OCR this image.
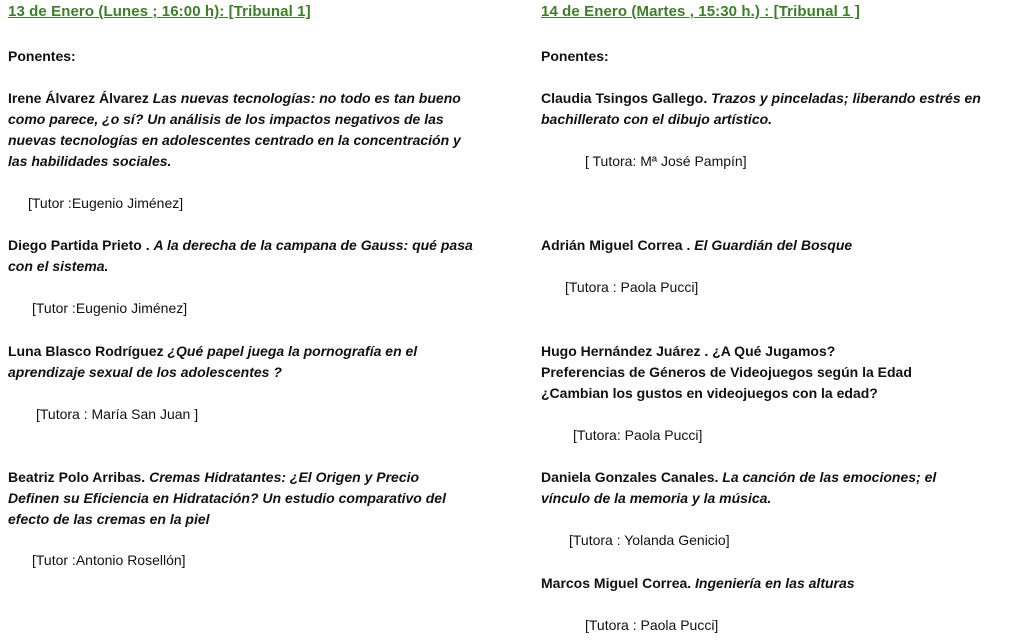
13 de Enero (Lunes ; 16:00 h): [Tribunal 1]
Ponentes:
Irene Álvarez Álvarez Las nuevas tecnologías: no todo es tan bueno como parece, ¿o sí? Un análisis de los impactos negativos de las nuevas tecnologías en adolescentes centrado en la concentración y las habilidades sociales.
[Tutor :Eugenio Jiménez]
Diego Partida Prieto . A la derecha de la campana de Gauss: qué pasa con el sistema.
[Tutor :Eugenio Jiménez]
Luna Blasco Rodríguez ¿Qué papel juega la pornografía en el aprendizaje sexual de los adolescentes ?
[Tutora : María San Juan ]
Beatriz Polo Arribas. Cremas Hidratantes: ¿El Origen y Precio Definen su Eficiencia en Hidratación? Un estudio comparativo del efecto de las cremas en la piel
[Tutor :Antonio Rosellón]
14 de Enero (Martes , 15:30 h.) : [Tribunal 1 ]
Ponentes:
Claudia Tsingos Gallego. Trazos y pinceladas; liberando estrés en bachillerato con el dibujo artístico.
[ Tutora: Mª José Pampín]
Adrián Miguel Correa . El Guardián del Bosque
[Tutora : Paola Pucci]
Hugo Hernández Juárez . ¿A Qué Jugamos?
Preferencias de Géneros de Videojuegos según la Edad
¿Cambian los gustos en videojuegos con la edad?
[Tutora: Paola Pucci]
Daniela Gonzales Canales. La canción de las emociones; el vínculo de la memoria y la música.
[Tutora : Yolanda Genicio]
Marcos Miguel Correa. Ingeniería en las alturas
[Tutora : Paola Pucci]
